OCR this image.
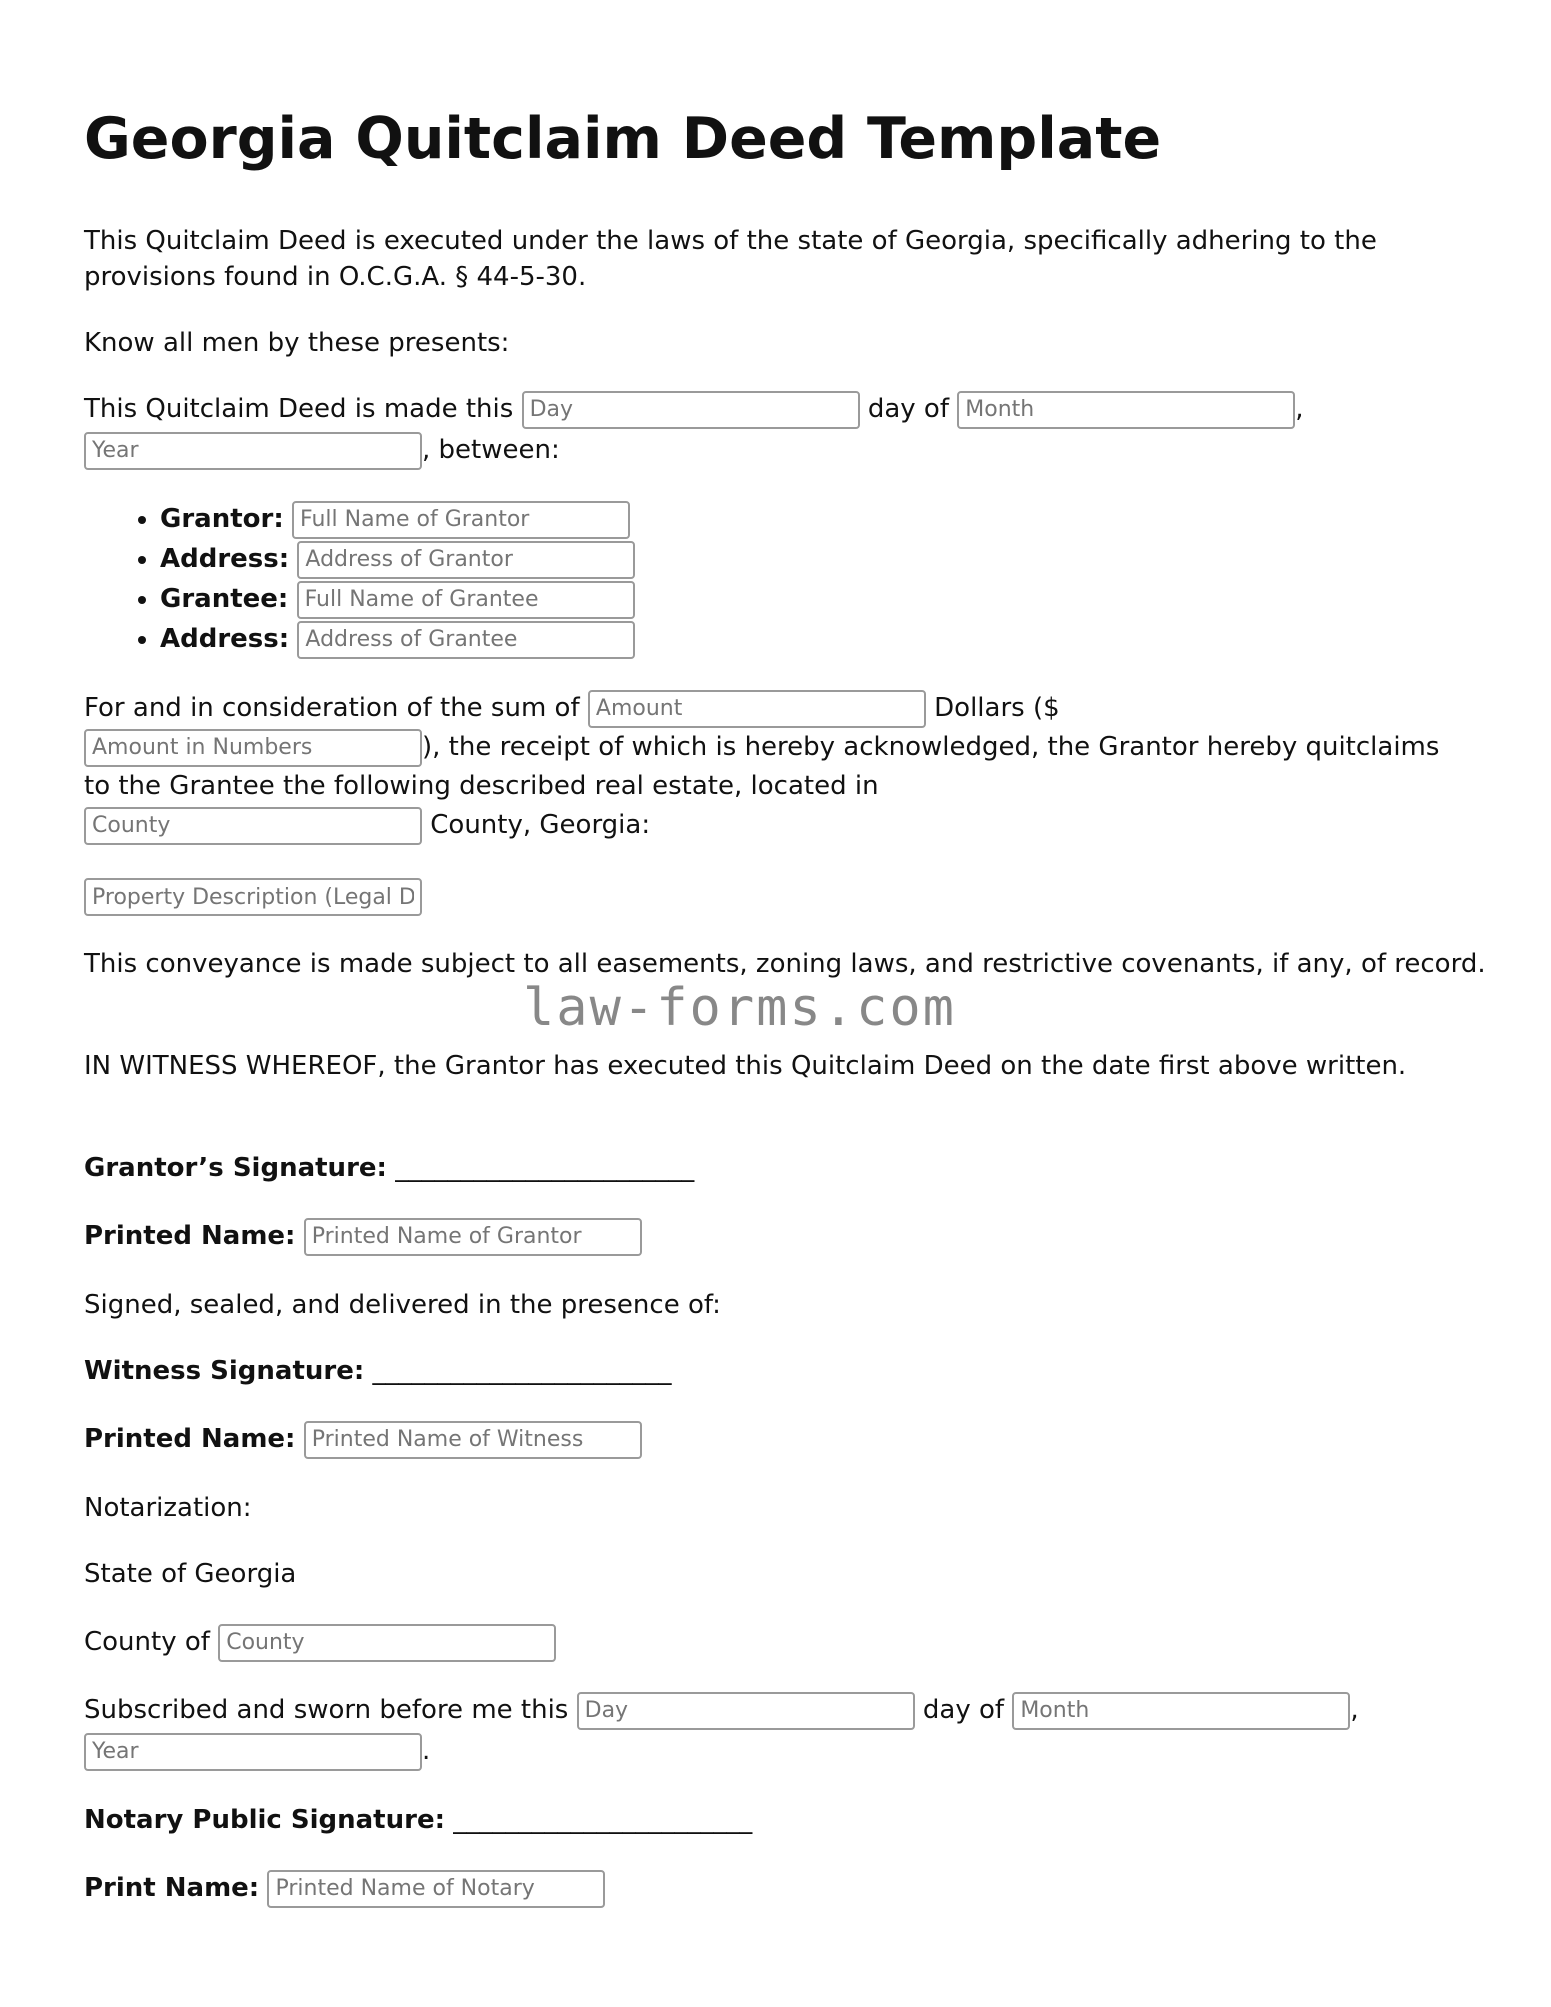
Georgia Quitclaim Deed Template

This Quitclaim Deed is executed under the laws of the state of Georgia, specifically adhering to the provisions found in O.C.G.A. § 44-5-30.

Know all men by these presents:

This Quitclaim Deed is made this Day	day of Month	,
Year, between:

• Grantor: Full Name of Grantor
• Address: Address of Grantor
• Grantee: Full Name of Grantee
• Address: Address of Grantee

For and in consideration of the sum of Amount	Dollars ($
Amount in Numbers), the receipt of which is hereby acknowledged, the Grantor hereby quitclaims to the Grantee the following described real estate, located in
County County, Georgia:

Property Description (Legal Description)

This conveyance is made subject to all easements, zoning laws, and restrictive covenants, if any, of record.

law-forms.com

IN WITNESS WHEREOF, the Grantor has executed this Quitclaim Deed on the date first above written.

Grantor’s Signature: _______________________

Printed Name: Printed Name of Grantor

Signed, sealed, and delivered in the presence of:

Witness Signature: _______________________

Printed Name: Printed Name of Witness

Notarization:

State of Georgia

County of County

Subscribed and sworn before me this Day	day of Month	,
Year.

Notary Public Signature: _______________________

Print Name: Printed Name of Notary
